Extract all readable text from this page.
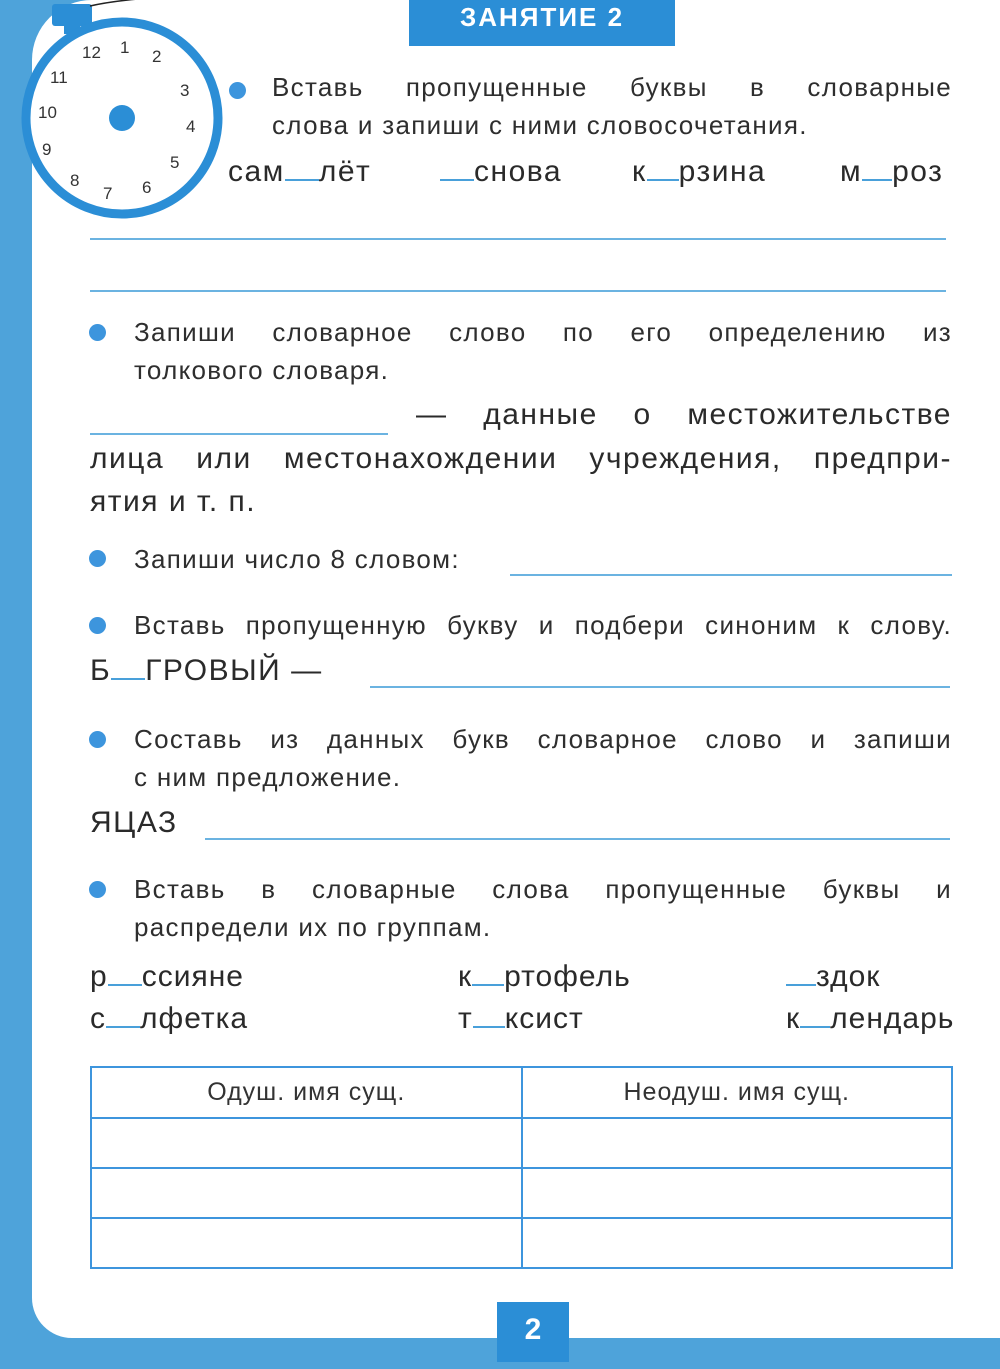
12 1 2
3
4
5
6
7
8
9
10
11
ЗАНЯТИЕ 2
Вставь пропущенные буквы в словарные
слова и запиши с ними словосочетания.
сам лёт	снова к рзина м роз
Запиши словарное слово по его определению из
толкового словаря.
— данные о местожительстве
лица или местонахождении учреждения, предпри-
ятия и т. п.
Запиши число 8 словом:
Вставь пропущенную букву и подбери синоним к слову.
Б ГРОВЫЙ —
Составь из данных букв словарное слово и запиши
с ним предложение.
ЯЦАЗ
Вставь в словарные слова пропущенные буквы и
распредели их по группам.
р ссияне	к ртофель	здок
с лфетка	т ксист	к лендарь
Одуш. имя сущ.	Неодуш. имя сущ.

2
